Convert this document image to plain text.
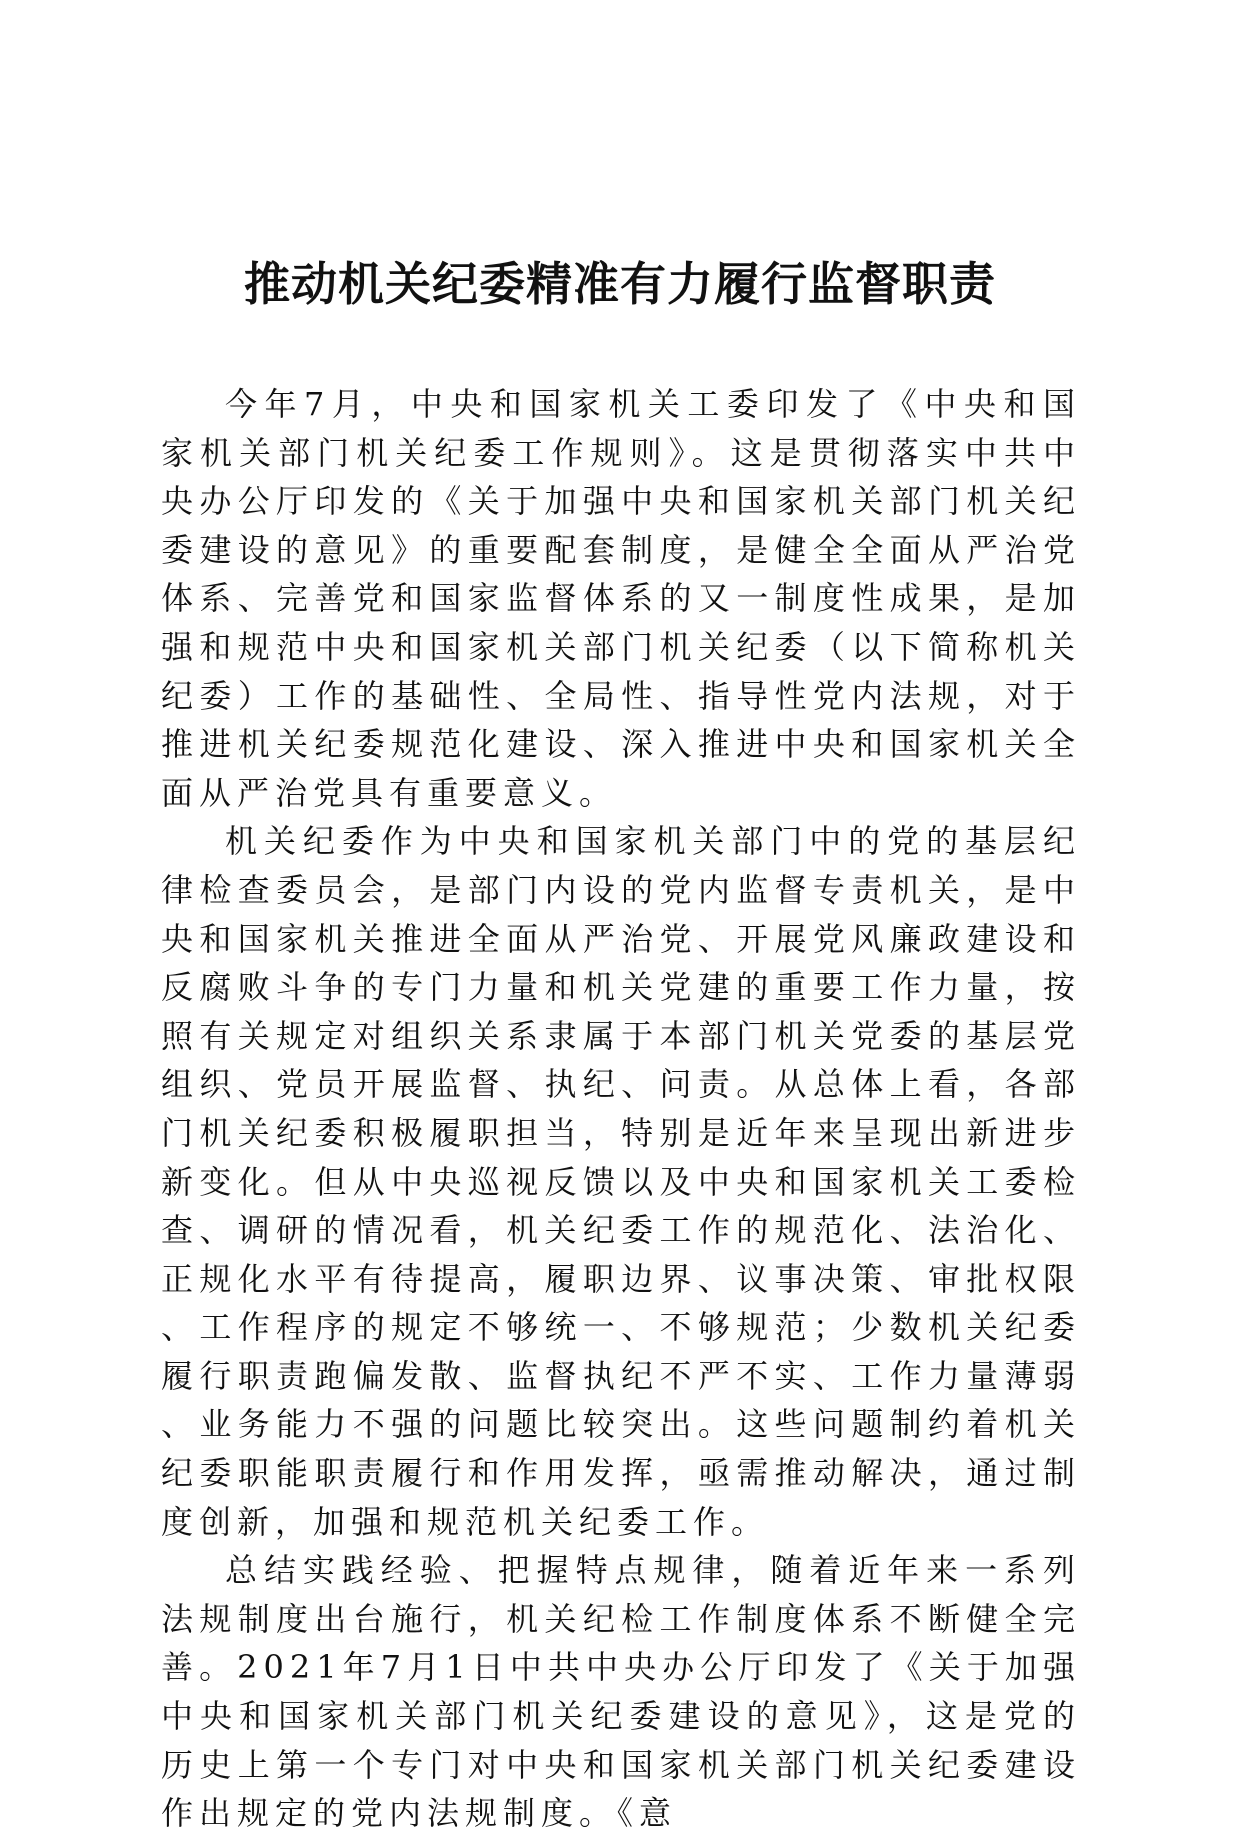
推动机关纪委精准有力履行监督职责

今年7月，中央和国家机关工委印发了《中央和国家机关部门机关纪委工作规则》。这是贯彻落实中共中央办公厅印发的《关于加强中央和国家机关部门机关纪委建设的意见》的重要配套制度，是健全全面从严治党体系、完善党和国家监督体系的又一制度性成果，是加强和规范中央和国家机关部门机关纪委（以下简称机关纪委）工作的基础性、全局性、指导性党内法规，对于推进机关纪委规范化建设、深入推进中央和国家机关全面从严治党具有重要意义。

机关纪委作为中央和国家机关部门中的党的基层纪律检查委员会，是部门内设的党内监督专责机关，是中央和国家机关推进全面从严治党、开展党风廉政建设和反腐败斗争的专门力量和机关党建的重要工作力量，按照有关规定对组织关系隶属于本部门机关党委的基层党组织、党员开展监督、执纪、问责。从总体上看，各部门机关纪委积极履职担当，特别是近年来呈现出新进步新变化。但从中央巡视反馈以及中央和国家机关工委检查、调研的情况看，机关纪委工作的规范化、法治化、正规化水平有待提高，履职边界、议事决策、审批权限、工作程序的规定不够统一、不够规范；少数机关纪委履行职责跑偏发散、监督执纪不严不实、工作力量薄弱、业务能力不强的问题比较突出。这些问题制约着机关纪委职能职责履行和作用发挥，亟需推动解决，通过制度创新，加强和规范机关纪委工作。

总结实践经验、把握特点规律，随着近年来一系列法规制度出台施行，机关纪检工作制度体系不断健全完善。2021年7月1日中共中央办公厅印发了《关于加强中央和国家机关部门机关纪委建设的意见》，这是党的历史上第一个专门对中央和国家机关部门机关纪委建设作出规定的党内法规制度。《意
